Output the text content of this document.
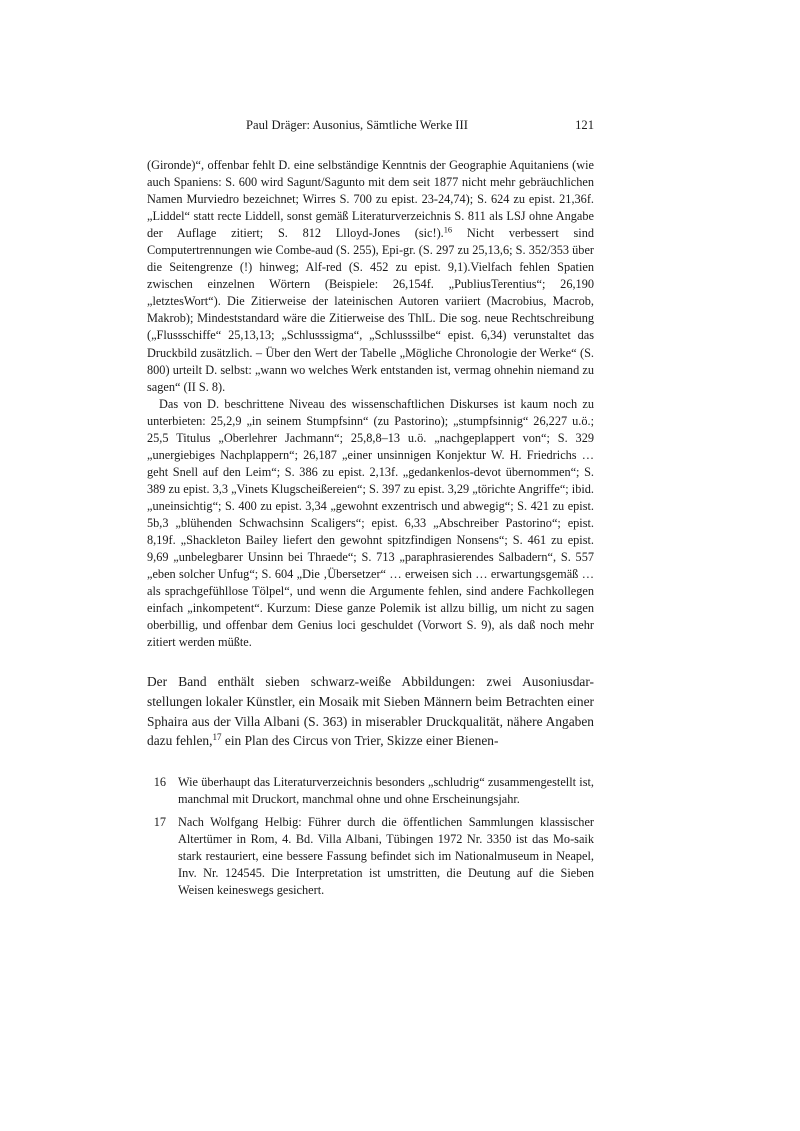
Paul Dräger: Ausonius, Sämtliche Werke III	121

(Gironde)“, offenbar fehlt D. eine selbständige Kenntnis der Geographie Aquitaniens (wie auch Spaniens: S. 600 wird Sagunt/Sagunto mit dem seit 1877 nicht mehr gebräuchlichen Namen Murviedro bezeichnet; Wirres S. 700 zu epist. 23-24,74); S. 624 zu epist. 21,36f. „Liddel“ statt recte Liddell, sonst gemäß Literaturverzeichnis S. 811 als LSJ ohne Angabe der Auflage zitiert; S. 812 Llloyd-Jones (sic!).$^{16}$ Nicht verbessert sind Computertrennungen wie Combe-aud (S. 255), Epi-gr. (S. 297 zu 25,13,6; S. 352/353 über die Seitengrenze (!) hinweg; Alf-red (S. 452 zu epist. 9,1).Vielfach fehlen Spatien zwischen einzelnen Wörtern (Beispiele: 26,154f. „PubliusTerentius“; 26,190 „letztesWort“). Die Zitierweise der lateinischen Autoren variiert (Macrobius, Macrob, Makrob); Mindeststandard wäre die Zitierweise des ThlL. Die sog. neue Rechtschreibung („Flussschiffe“ 25,13,13; „Schlusssigma“, „Schlusssilbe“ epist. 6,34) verunstaltet das Druckbild zusätzlich. – Über den Wert der Tabelle „Mögliche Chronologie der Werke“ (S. 800) urteilt D. selbst: „wann wo welches Werk entstanden ist, vermag ohnehin niemand zu sagen“ (II S. 8).

Das von D. beschrittene Niveau des wissenschaftlichen Diskurses ist kaum noch zu unterbieten: 25,2,9 „in seinem Stumpfsinn“ (zu Pastorino); „stumpfsinnig“ 26,227 u.ö.; 25,5 Titulus „Oberlehrer Jachmann“; 25,8,8–13 u.ö. „nachgeplappert von“; S. 329 „unergiebiges Nachplappern“; 26,187 „einer unsinnigen Konjektur W. H. Friedrichs … geht Snell auf den Leim“; S. 386 zu epist. 2,13f. „gedankenlos-devot übernommen“; S. 389 zu epist. 3,3 „Vinets Klugscheißereien“; S. 397 zu epist. 3,29 „törichte Angriffe“; ibid. „uneinsichtig“; S. 400 zu epist. 3,34 „gewohnt exzentrisch und abwegig“; S. 421 zu epist. 5b,3 „blühenden Schwachsinn Scaligers“; epist. 6,33 „Abschreiber Pastorino“; epist. 8,19f. „Shackleton Bailey liefert den gewohnt spitzfindigen Nonsens“; S. 461 zu epist. 9,69 „unbelegbarer Unsinn bei Thraede“; S. 713 „paraphrasierendes Salbadern“, S. 557 „eben solcher Unfug“; S. 604 „Die ‚Übersetzer“ … erweisen sich … erwartungsgemäß … als sprachgefühllose Tölpel“, und wenn die Argumente fehlen, sind andere Fachkollegen einfach „inkompetent“. Kurzum: Diese ganze Polemik ist allzu billig, um nicht zu sagen oberbillig, und offenbar dem Genius loci geschuldet (Vorwort S. 9), als daß noch mehr zitiert werden müßte.

Der Band enthält sieben schwarz-weiße Abbildungen: zwei Ausoniusdar-stellungen lokaler Künstler, ein Mosaik mit Sieben Männern beim Betrachten einer Sphaira aus der Villa Albani (S. 363) in miserabler Druckqualität, nähere Angaben dazu fehlen,$^{17}$ ein Plan des Circus von Trier, Skizze einer Bienen-

16 Wie überhaupt das Literaturverzeichnis besonders „schludrig“ zusammengestellt ist, manchmal mit Druckort, manchmal ohne und ohne Erscheinungsjahr.
17 Nach Wolfgang Helbig: Führer durch die öffentlichen Sammlungen klassischer Altertümer in Rom, 4. Bd. Villa Albani, Tübingen 1972 Nr. 3350 ist das Mo-saik stark restauriert, eine bessere Fassung befindet sich im Nationalmuseum in Neapel, Inv. Nr. 124545. Die Interpretation ist umstritten, die Deutung auf die Sieben Weisen keineswegs gesichert.
